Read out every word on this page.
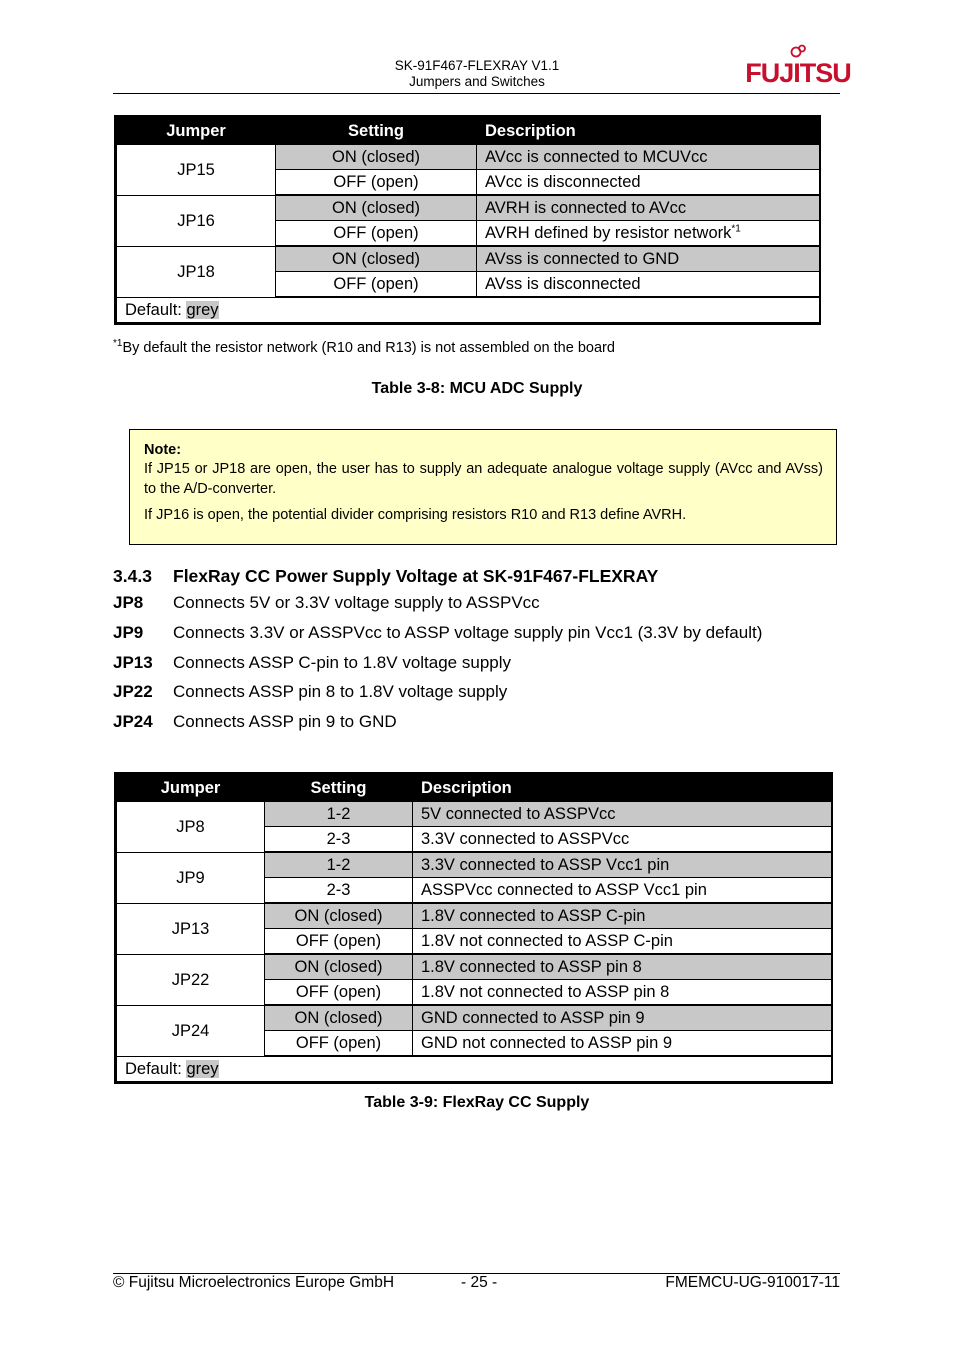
SK-91F467-FLEXRAY V1.1
Jumpers and Switches	FUJITSU
Jumper	Setting	Description
JP15	ON (closed)	AVcc is connected to MCUVcc
	OFF (open)	AVcc is disconnected
JP16	ON (closed)	AVRH is connected to AVcc
	OFF (open)	AVRH defined by resistor network$^{*1}$
JP18	ON (closed)	AVss is connected to GND
	OFF (open)	AVss is disconnected
Default: grey		
$^{*1}$By default the resistor network (R10 and R13) is not assembled on the board
Table 3-8: MCU ADC Supply

Note:

If JP15 or JP18 are open, the user has to supply an adequate analogue voltage supply (AVcc and AVss) to the A/D-converter.

If JP16 is open, the potential divider comprising resistors R10 and R13 define AVRH.

3.4.3 FlexRay CC Power Supply Voltage at SK-91F467-FLEXRAY
JP8 Connects 5V or 3.3V voltage supply to ASSPVcc
JP9 Connects 3.3V or ASSPVcc to ASSP voltage supply pin Vcc1 (3.3V by default)
JP13 Connects ASSP C-pin to 1.8V voltage supply
JP22 Connects ASSP pin 8 to 1.8V voltage supply
JP24 Connects ASSP pin 9 to GND
Jumper	Setting	Description
JP8	1-2	5V connected to ASSPVcc
	2-3	3.3V connected to ASSPVcc
JP9	1-2	3.3V connected to ASSP Vcc1 pin
	2-3	ASSPVcc connected to ASSP Vcc1 pin
JP13	ON (closed)	1.8V connected to ASSP C-pin
	OFF (open)	1.8V not connected to ASSP C-pin
JP22	ON (closed)	1.8V connected to ASSP pin 8
	OFF (open)	1.8V not connected to ASSP pin 8
JP24	ON (closed)	GND connected to ASSP pin 9
	OFF (open)	GND not connected to ASSP pin 9
Default: grey		
Table 3-9: FlexRay CC Supply
© Fujitsu Microelectronics Europe GmbH	- 25 -	FMEMCU-UG-910017-11
